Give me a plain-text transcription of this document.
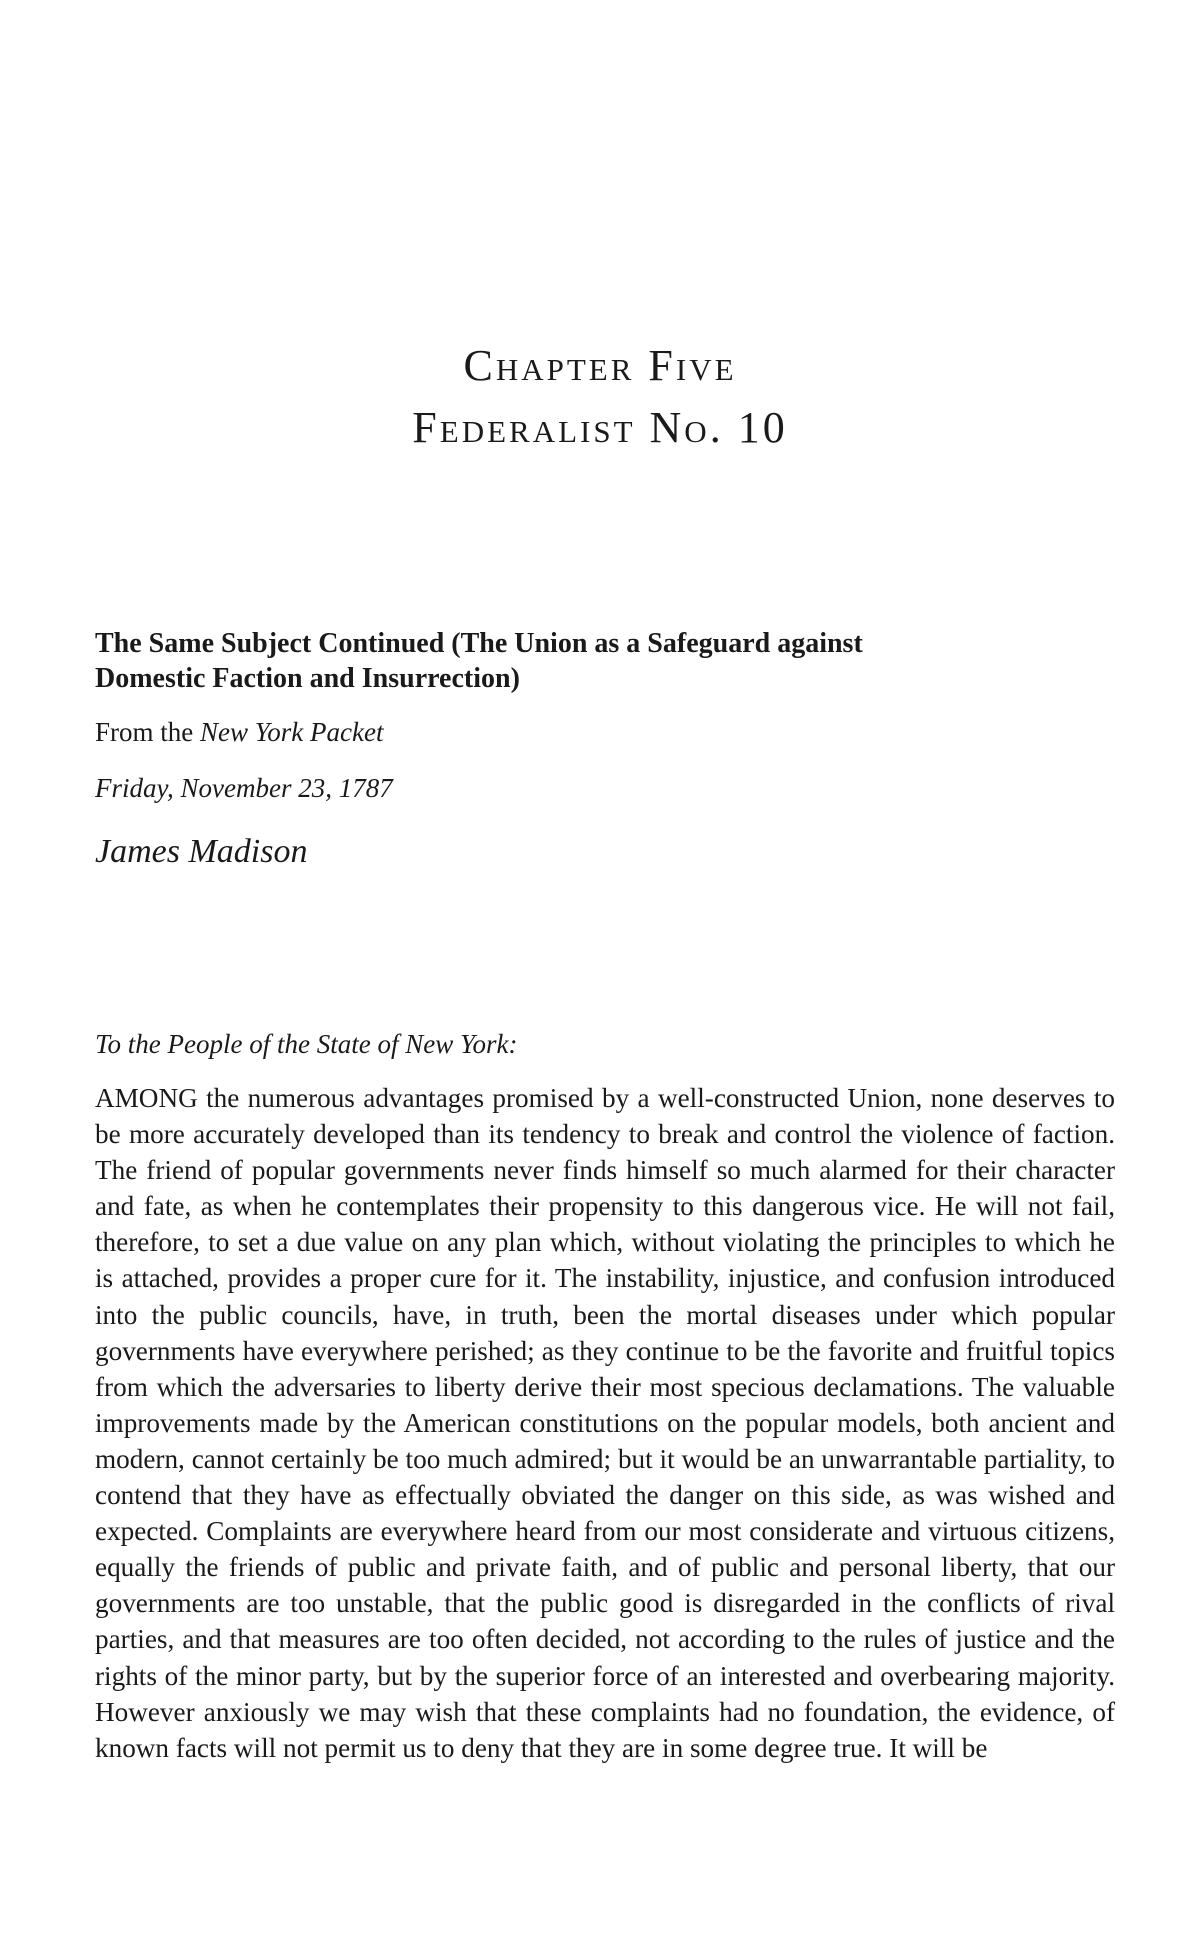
Chapter Five
Federalist No. 10
The Same Subject Continued (The Union as a Safeguard against Domestic Faction and Insurrection)
From the New York Packet
Friday, November 23, 1787
James Madison
To the People of the State of New York:
AMONG the numerous advantages promised by a well-constructed Union, none deserves to be more accurately developed than its tendency to break and control the violence of faction. The friend of popular governments never finds himself so much alarmed for their character and fate, as when he contemplates their propensity to this dangerous vice. He will not fail, therefore, to set a due value on any plan which, without violating the principles to which he is attached, provides a proper cure for it. The instability, injustice, and confusion introduced into the public councils, have, in truth, been the mortal diseases under which popular governments have everywhere perished; as they continue to be the favorite and fruitful topics from which the adversaries to liberty derive their most specious declamations. The valuable improvements made by the American constitutions on the popular models, both ancient and modern, cannot certainly be too much admired; but it would be an unwarrantable partiality, to contend that they have as effectually obviated the danger on this side, as was wished and expected. Complaints are everywhere heard from our most considerate and virtuous citizens, equally the friends of public and private faith, and of public and personal liberty, that our governments are too unstable, that the public good is disregarded in the conflicts of rival parties, and that measures are too often decided, not according to the rules of justice and the rights of the minor party, but by the superior force of an interested and overbearing majority. However anxiously we may wish that these complaints had no foundation, the evidence, of known facts will not permit us to deny that they are in some degree true. It will be
